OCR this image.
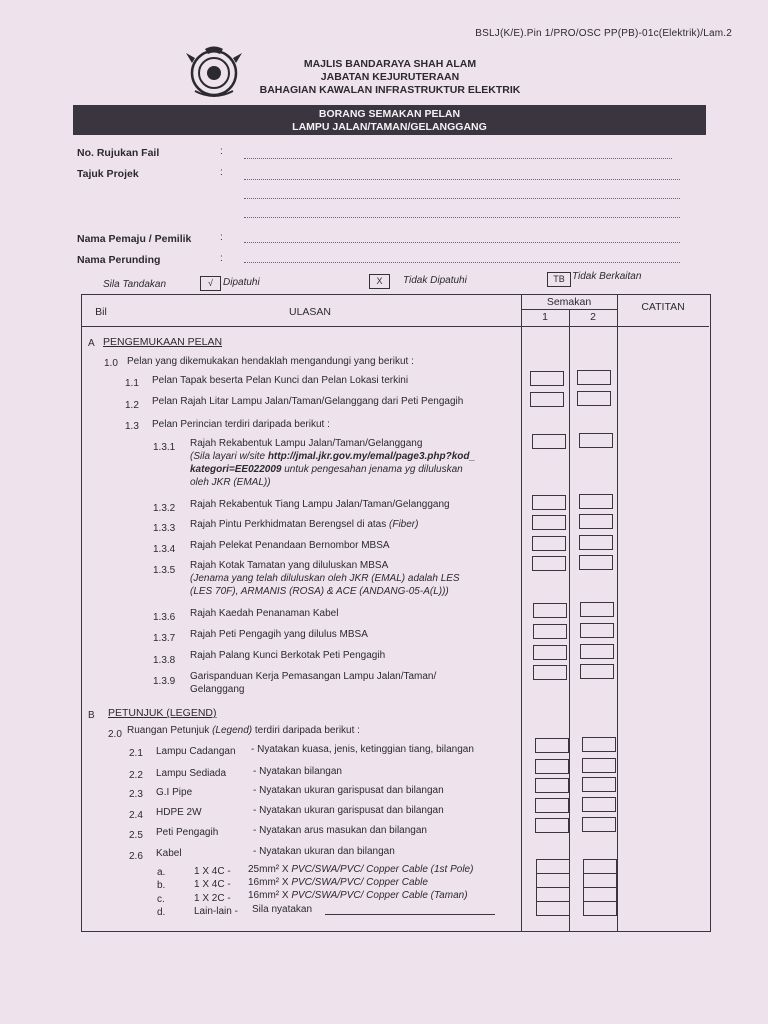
BSLJ(K/E).Pin 1/PRO/OSC PP(PB)-01c(Elektrik)/Lam.2
MAJLIS BANDARAYA SHAH ALAM
JABATAN KEJURUTERAAN
BAHAGIAN KAWALAN INFRASTRUKTUR ELEKTRIK
BORANG SEMAKAN PELAN
LAMPU JALAN/TAMAN/GELANGGANG
No. Rujukan Fail	:
Tajuk Projek	:
Nama Pemaju / Pemilik	:
Nama Perunding	:
Sila Tandakan	√	Dipatuhi	X	Tidak Dipatuhi	TB Tidak Berkaitan
Bil	ULASAN
Semakan
1	2
CATITAN
A PENGEMUKAAN PELAN
1.0 Pelan yang dikemukakan hendaklah mengandungi yang berikut :
1.1 Pelan Tapak beserta Pelan Kunci dan Pelan Lokasi terkini
1.2 Pelan Rajah Litar Lampu Jalan/Taman/Gelanggang dari Peti Pengagih
1.3 Pelan Perincian terdiri daripada berikut :
1.3.1 Rajah Rekabentuk Lampu Jalan/Taman/Gelanggang
(Sila layari w/site http://jmal.jkr.gov.my/emal/page3.php?kod_
kategori=EE022009 untuk pengesahan jenama yg diluluskan
oleh JKR (EMAL))
1.3.2 Rajah Rekabentuk Tiang Lampu Jalan/Taman/Gelanggang
1.3.3 Rajah Pintu Perkhidmatan Berengsel di atas (Fiber)
1.3.4 Rajah Pelekat Penandaan Bernombor MBSA
1.3.5 Rajah Kotak Tamatan yang diluluskan MBSA
(Jenama yang telah diluluskan oleh JKR (EMAL) adalah LES
(LES 70F), ARMANIS (ROSA) & ACE (ANDANG-05-A(L)))
1.3.6 Rajah Kaedah Penanaman Kabel
1.3.7 Rajah Peti Pengagih yang dilulus MBSA
1.3.8 Rajah Palang Kunci Berkotak Peti Pengagih
1.3.9 Garispanduan Kerja Pemasangan Lampu Jalan/Taman/
Gelanggang
B PETUNJUK (LEGEND)
2.0 Ruangan Petunjuk (Legend) terdiri daripada berikut :
2.1 Lampu Cadangan - Nyatakan kuasa, jenis, ketinggian tiang, bilangan
2.2 Lampu Sediada	- Nyatakan bilangan
2.3 G.I Pipe	- Nyatakan ukuran garispusat dan bilangan
2.4 HDPE 2W	- Nyatakan ukuran garispusat dan bilangan
2.5 Peti Pengagih	- Nyatakan arus masukan dan bilangan
2.6 Kabel	- Nyatakan ukuran dan bilangan
a.	1 X 4C - 25mm² X PVC/SWA/PVC/ Copper Cable (1st Pole)
b.	1 X 4C - 16mm² X PVC/SWA/PVC/ Copper Cable
c.	1 X 2C - 16mm² X PVC/SWA/PVC/ Copper Cable (Taman)
d.	Lain-lain - Sila nyatakan
